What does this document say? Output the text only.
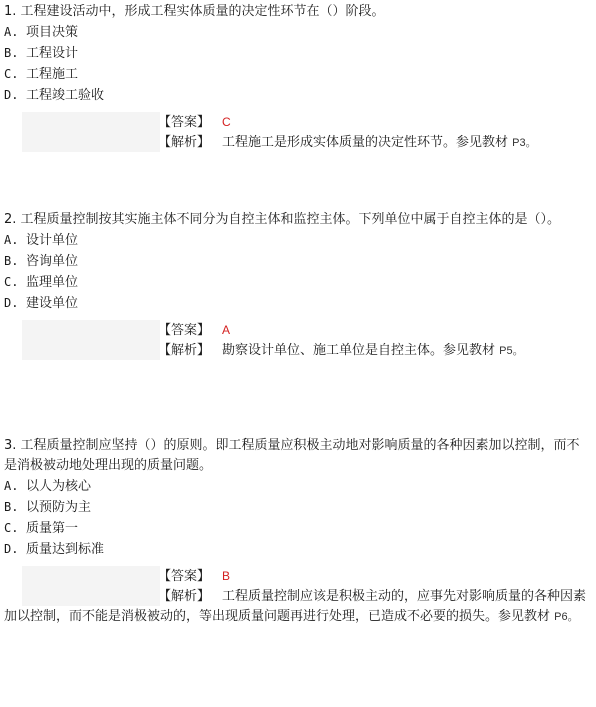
1. 工程建设活动中，形成工程实体质量的决定性环节在（）阶段。

A. 项目决策

B. 工程设计

C. 工程施工

D. 工程竣工验收

【答案】 C
【解析】 工程施工是形成实体质量的决定性环节。参见教材 P3。

2. 工程质量控制按其实施主体不同分为自控主体和监控主体。下列单位中属于自控主体的是（）。

A. 设计单位

B. 咨询单位

C. 监理单位

D. 建设单位

【答案】 A
【解析】 勘察设计单位、施工单位是自控主体。参见教材 P5。

3. 工程质量控制应坚持（）的原则。即工程质量应积极主动地对影响质量的各种因素加以控制，而不是消极被动地处理出现的质量问题。

A. 以人为核心

B. 以预防为主

C. 质量第一

D. 质量达到标准

【答案】 B
【解析】 工程质量控制应该是积极主动的，应事先对影响质量的各种因素加以控制，而不能是消极被动的，等出现质量问题再进行处理，已造成不必要的损失。参见教材 P6。
